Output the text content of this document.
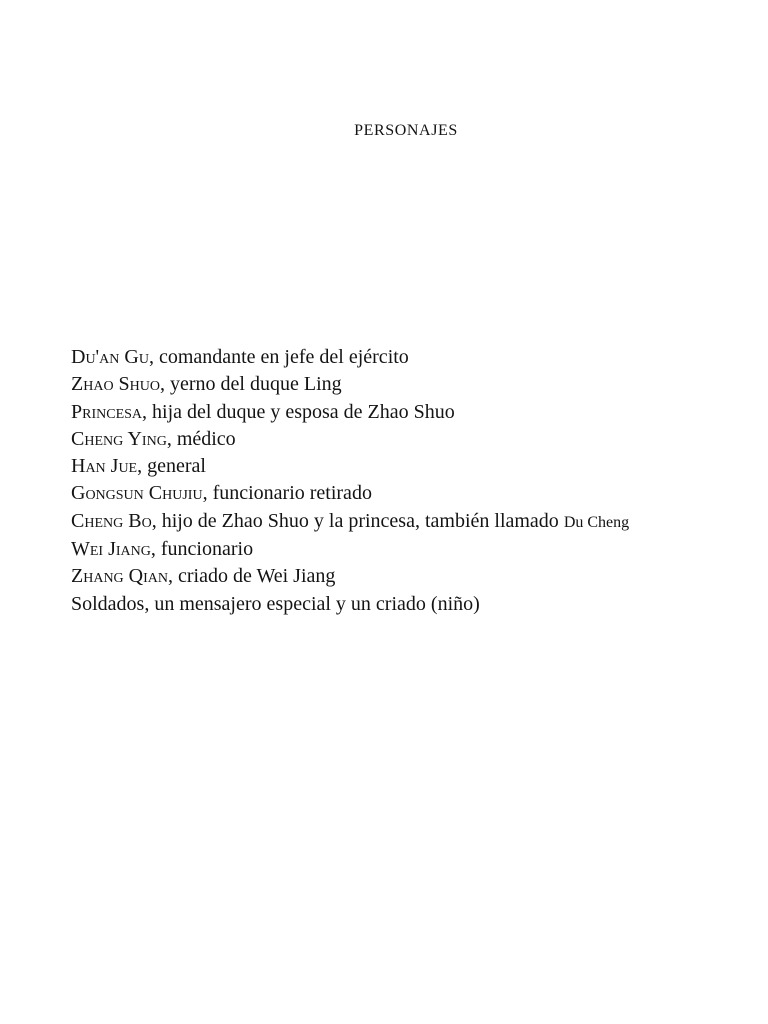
PERSONAJES
Du'an Gu, comandante en jefe del ejército
Zhao Shuo, yerno del duque Ling
Princesa, hija del duque y esposa de Zhao Shuo
Cheng Ying, médico
Han Jue, general
Gongsun Chujiu, funcionario retirado
Cheng Bo, hijo de Zhao Shuo y la princesa, también llamado Du Cheng
Wei Jiang, funcionario
Zhang Qian, criado de Wei Jiang
Soldados, un mensajero especial y un criado (niño)
